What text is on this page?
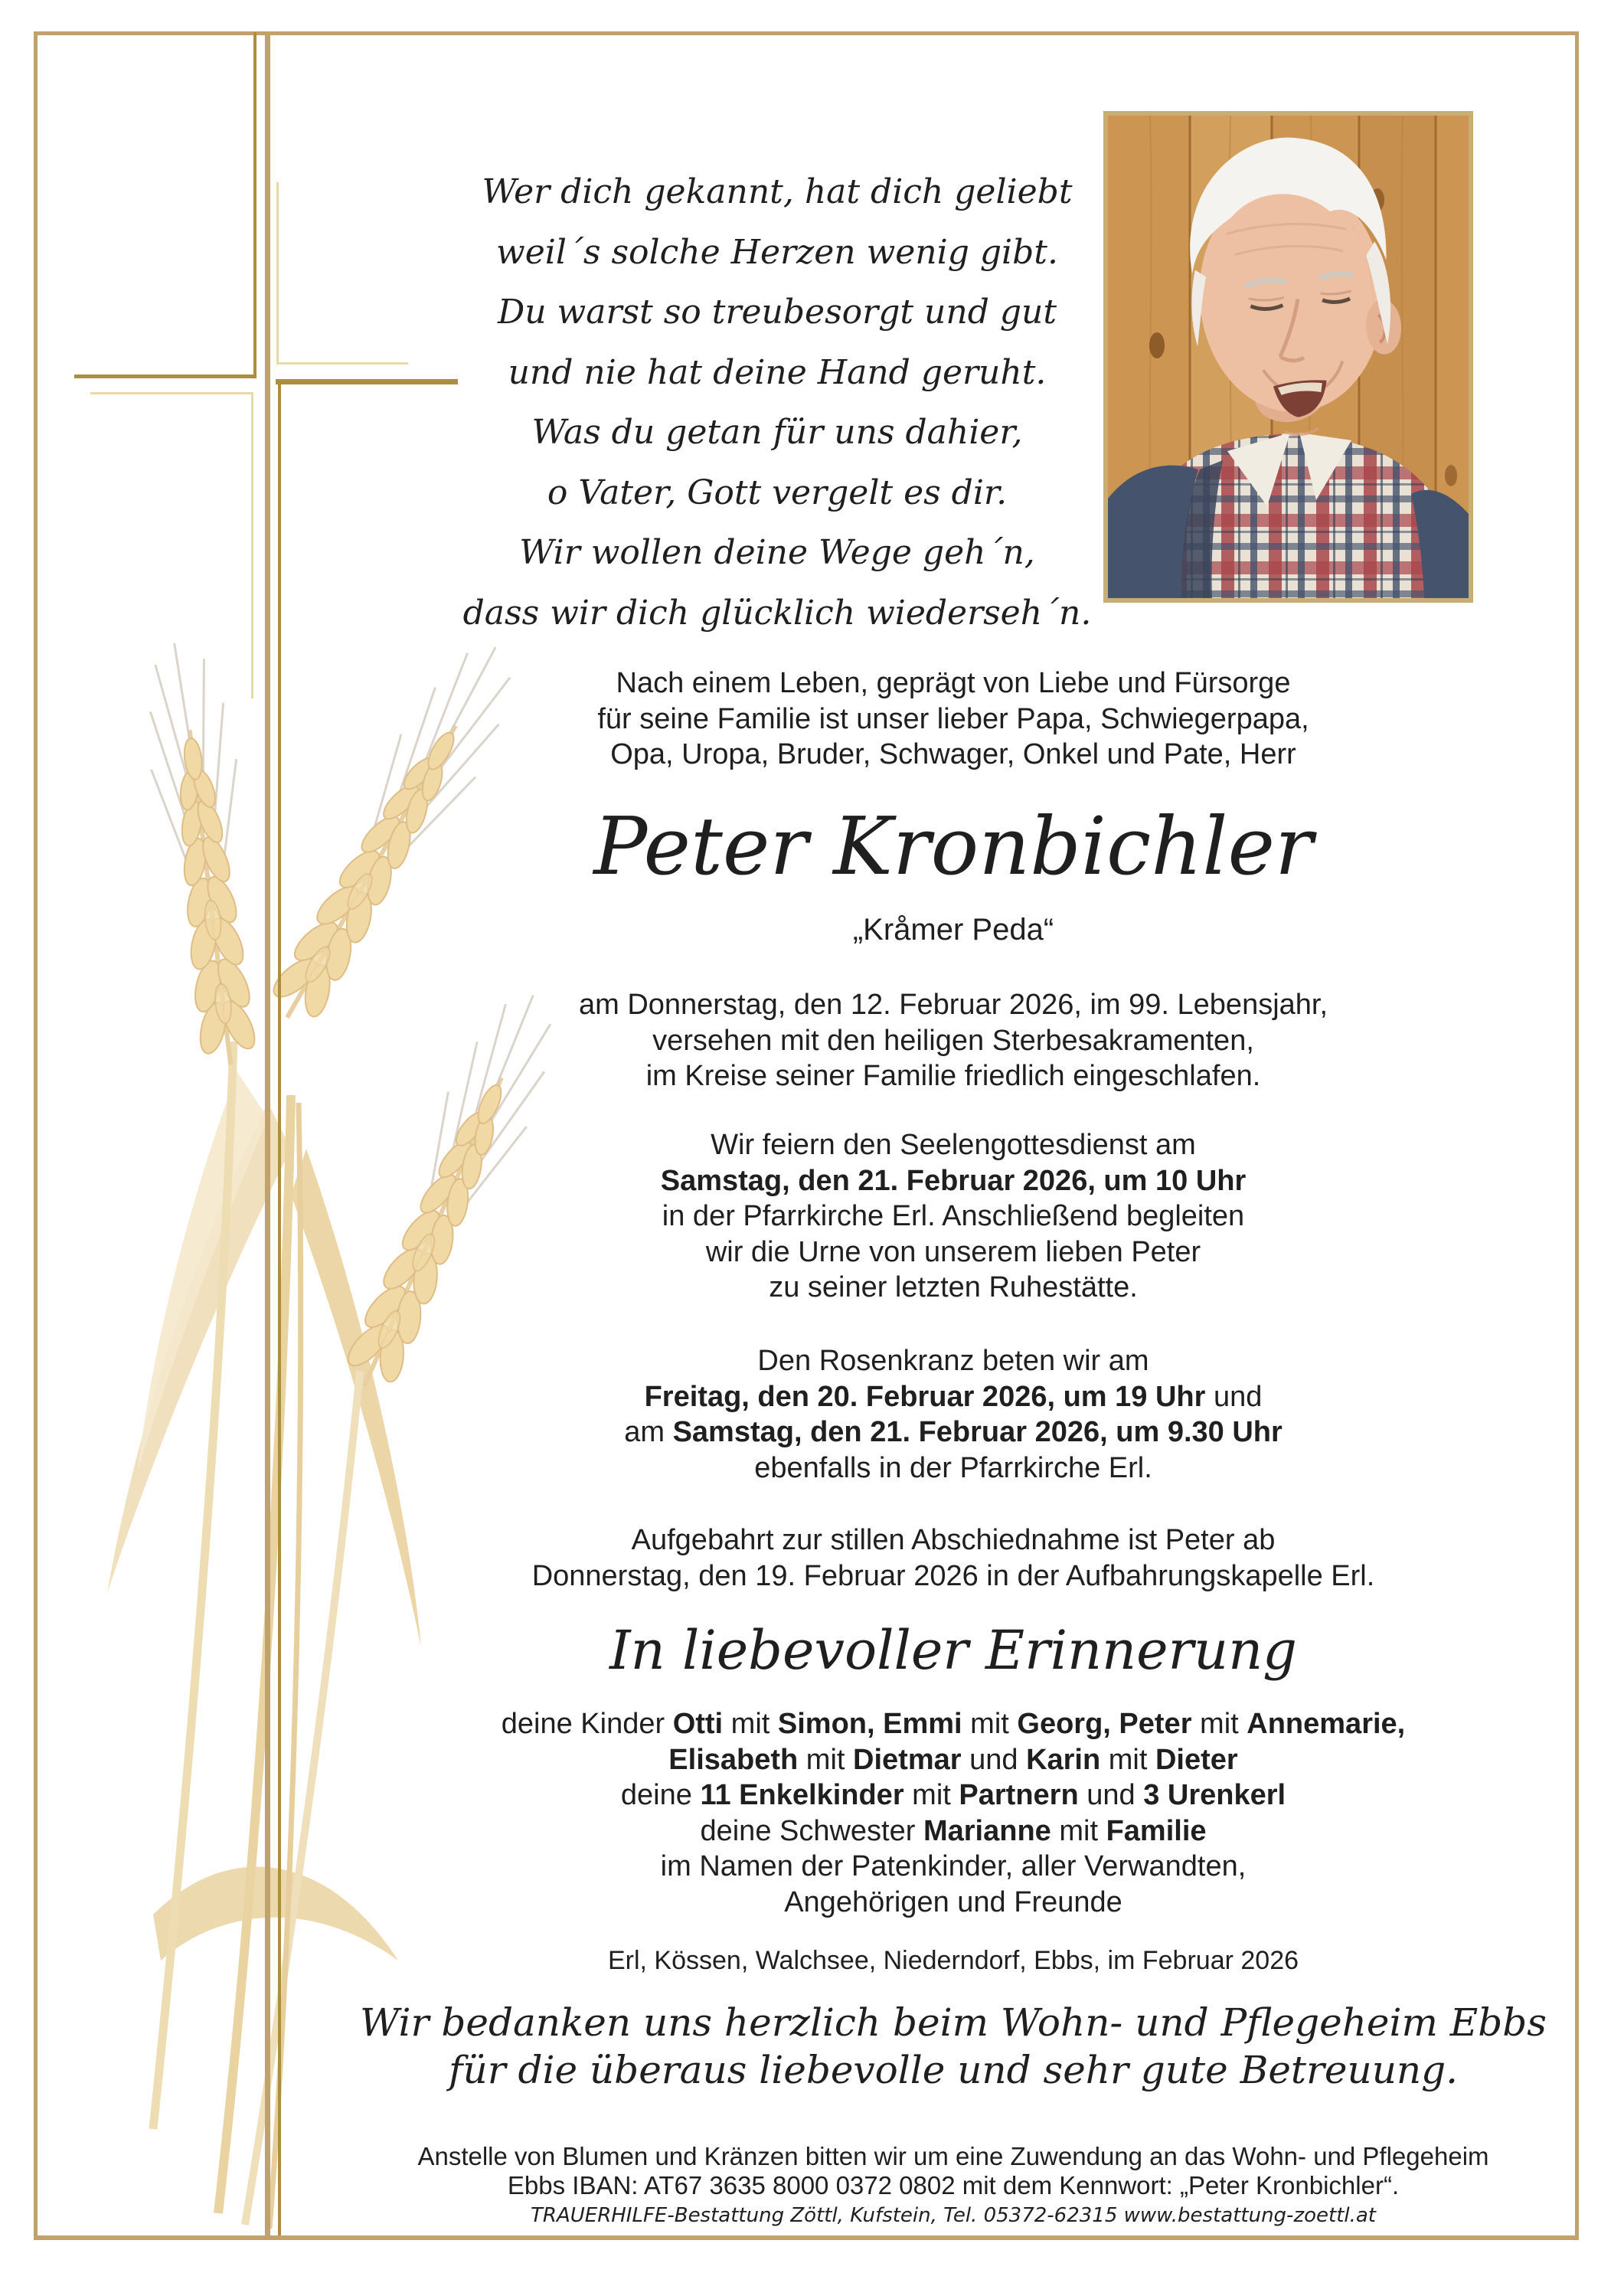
Wer dich gekannt, hat dich geliebt
weil´s solche Herzen wenig gibt.
Du warst so treubesorgt und gut
und nie hat deine Hand geruht.
Was du getan für uns dahier,
o Vater, Gott vergelt es dir.
Wir wollen deine Wege geh´n,
dass wir dich glücklich wiederseh´n.
Nach einem Leben, geprägt von Liebe und Fürsorge
für seine Familie ist unser lieber Papa, Schwiegerpapa,
Opa, Uropa, Bruder, Schwager, Onkel und Pate, Herr
Peter Kronbichler
„Kråmer Peda“
am Donnerstag, den 12. Februar 2026, im 99. Lebensjahr,
versehen mit den heiligen Sterbesakramenten,
im Kreise seiner Familie friedlich eingeschlafen.
Wir feiern den Seelengottesdienst am
Samstag, den 21. Februar 2026, um 10 Uhr
in der Pfarrkirche Erl. Anschließend begleiten
wir die Urne von unserem lieben Peter
zu seiner letzten Ruhestätte.
Den Rosenkranz beten wir am
Freitag, den 20. Februar 2026, um 19 Uhr und
am Samstag, den 21. Februar 2026, um 9.30 Uhr
ebenfalls in der Pfarrkirche Erl.
Aufgebahrt zur stillen Abschiednahme ist Peter ab
Donnerstag, den 19. Februar 2026 in der Aufbahrungskapelle Erl.
In liebevoller Erinnerung
deine Kinder Otti mit Simon, Emmi mit Georg, Peter mit Annemarie,
Elisabeth mit Dietmar und Karin mit Dieter
deine 11 Enkelkinder mit Partnern und 3 Urenkerl
deine Schwester Marianne mit Familie
im Namen der Patenkinder, aller Verwandten,
Angehörigen und Freunde
Erl, Kössen, Walchsee, Niederndorf, Ebbs, im Februar 2026
Wir bedanken uns herzlich beim Wohn- und Pflegeheim Ebbs
für die überaus liebevolle und sehr gute Betreuung.
Anstelle von Blumen und Kränzen bitten wir um eine Zuwendung an das Wohn- und Pflegeheim
Ebbs IBAN: AT67 3635 8000 0372 0802 mit dem Kennwort: „Peter Kronbichler“.
TRAUERHILFE-Bestattung Zöttl, Kufstein, Tel. 05372-62315 www.bestattung-zoettl.at
